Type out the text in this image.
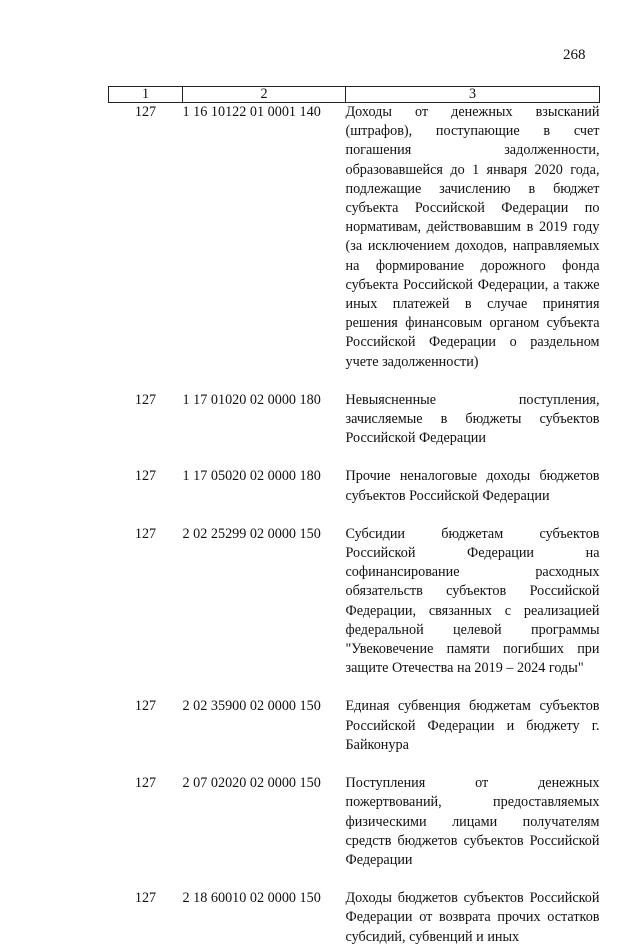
268
1	2	3
127	1 16 10122 01 0001 140	Доходы от денежных взысканий (штрафов), поступающие в счет погашения задолженности, образовавшейся до 1 января 2020 года, подлежащие зачислению в бюджет субъекта Российской Федерации по нормативам, действовавшим в 2019 году (за исключением доходов, направляемых на формирование дорожного фонда субъекта Российской Федерации, а также иных платежей в случае принятия решения финансовым органом субъекта Российской Федерации о раздельном учете задолженности)

127	1 17 01020 02 0000 180	Невыясненные поступления, зачисляемые в бюджеты субъектов Российской Федерации

127	1 17 05020 02 0000 180	Прочие неналоговые доходы бюджетов субъектов Российской Федерации

127	2 02 25299 02 0000 150	Субсидии бюджетам субъектов Российской Федерации на софинансирование расходных обязательств субъектов Российской Федерации, связанных с реализацией федеральной целевой программы "Увековечение памяти погибших при защите Отечества на 2019 – 2024 годы"

127	2 02 35900 02 0000 150	Единая субвенция бюджетам субъектов Российской Федерации и бюджету г. Байконура

127	2 07 02020 02 0000 150	Поступления от денежных пожертвований, предоставляемых физическими лицами получателям средств бюджетов субъектов Российской Федерации

127	2 18 60010 02 0000 150	Доходы бюджетов субъектов Российской Федерации от возврата прочих остатков субсидий, субвенций и иных
